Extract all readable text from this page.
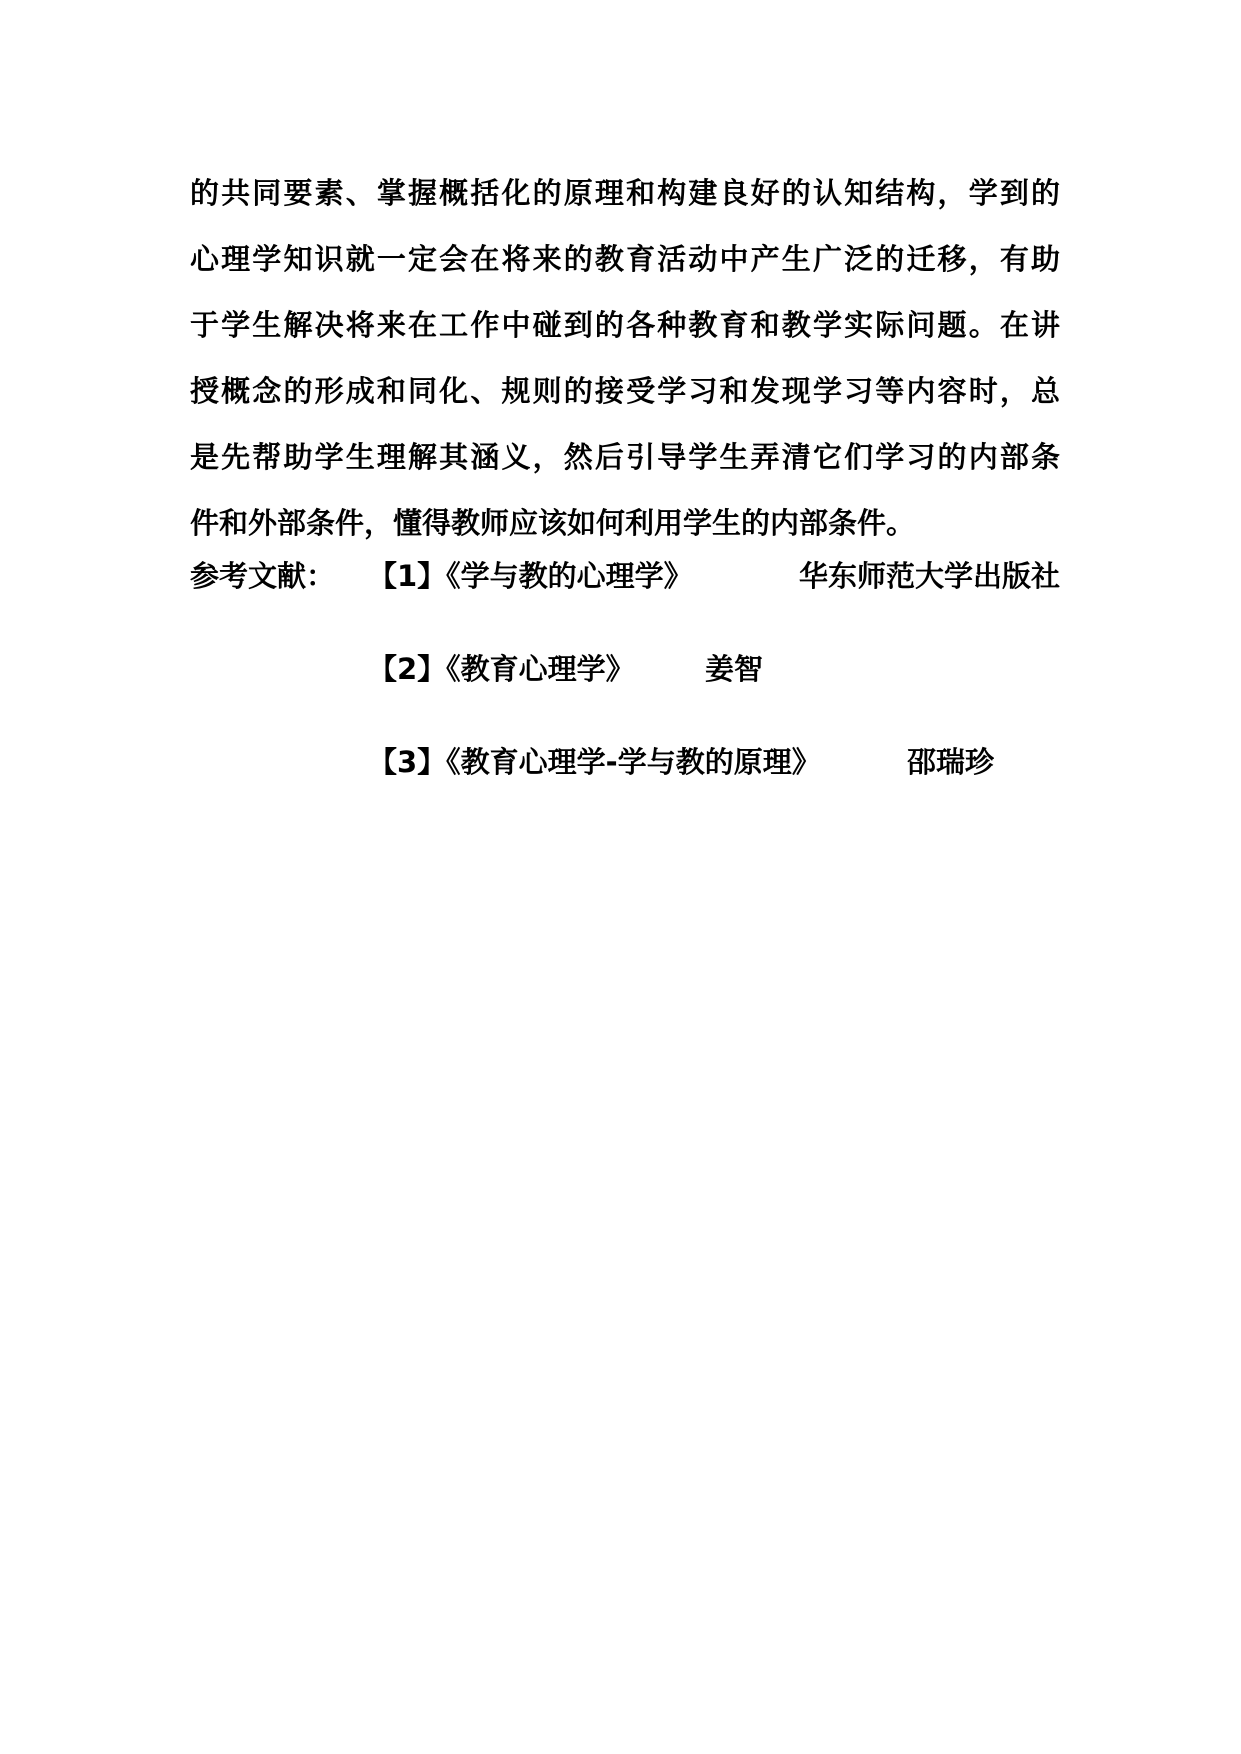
的共同要素、掌握概括化的原理和构建良好的认知结构，学到的
心理学知识就一定会在将来的教育活动中产生广泛的迁移，有助
于学生解决将来在工作中碰到的各种教育和教学实际问题。在讲
授概念的形成和同化、规则的接受学习和发现学习等内容时，总
是先帮助学生理解其涵义，然后引导学生弄清它们学习的内部条
件和外部条件，懂得教师应该如何利用学生的内部条件。
参考文献： 【1】《学与教的心理学》	华东师范大学出版社
【2】《教育心理学》 姜智
【3】《教育心理学-学与教的原理》	邵瑞珍
